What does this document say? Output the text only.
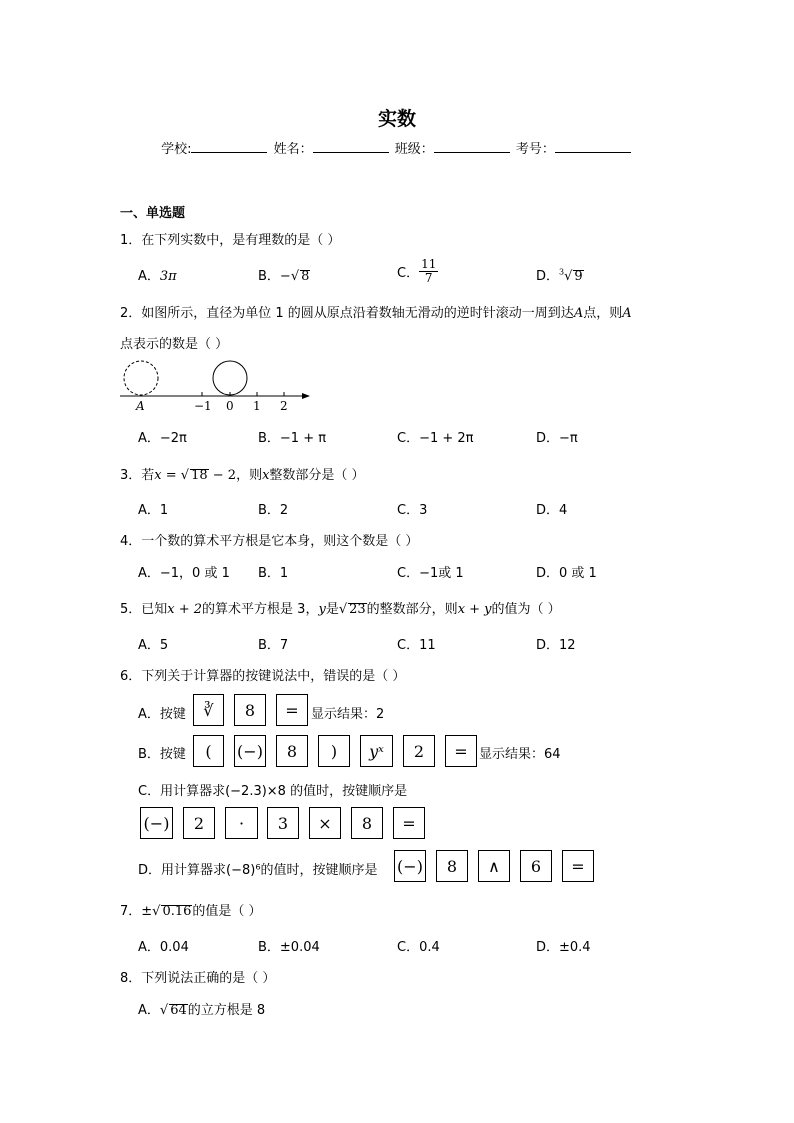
实数
学校:	姓名：	班级：	考号：
一、单选题
1．在下列实数中，是有理数的是（ ）
A．3π	B．−√ 8	C． $\frac{11}{7}$	D．$^3$√ 9
2．如图所示，直径为单位 1 的圆从原点沿着数轴无滑动的逆时针滚动一周到达A点，则A
点表示的数是（ ）
A	−1 0 1 2
A．−2π	B．−1 + π	C．−1 + 2π	D．−π
3．若x = √ 18 − 2，则x整数部分是（ ）
A．1	B．2	C．3	D．4
4．一个数的算术平方根是它本身，则这个数是（ ）
A．−1，0 或 1 B．1	C．−1或 1	D．0 或 1
5．已知x + 2的算术平方根是 3，y是√ 23的整数部分，则x + y的值为（ ）
A．5	B．7	C．11	D．12
6．下列关于计算器的按键说法中，错误的是（ ）
A．按键	∛	8	= 显示结果：2
B．按键	(	(−)	8	)	yˣ	2	= 显示结果：64
C．用计算器求(−2.3)×8 的值时，按键顺序是
(−)	2	·	3	×	8	=
D．用计算器求(−8)⁶的值时，按键顺序是 (−)	8	∧	6	=
7．±√ 0.16的值是（ ）
A．0.04	B．±0.04	C．0.4	D．±0.4
8．下列说法正确的是（ ）
A．√ 64的立方根是 8
